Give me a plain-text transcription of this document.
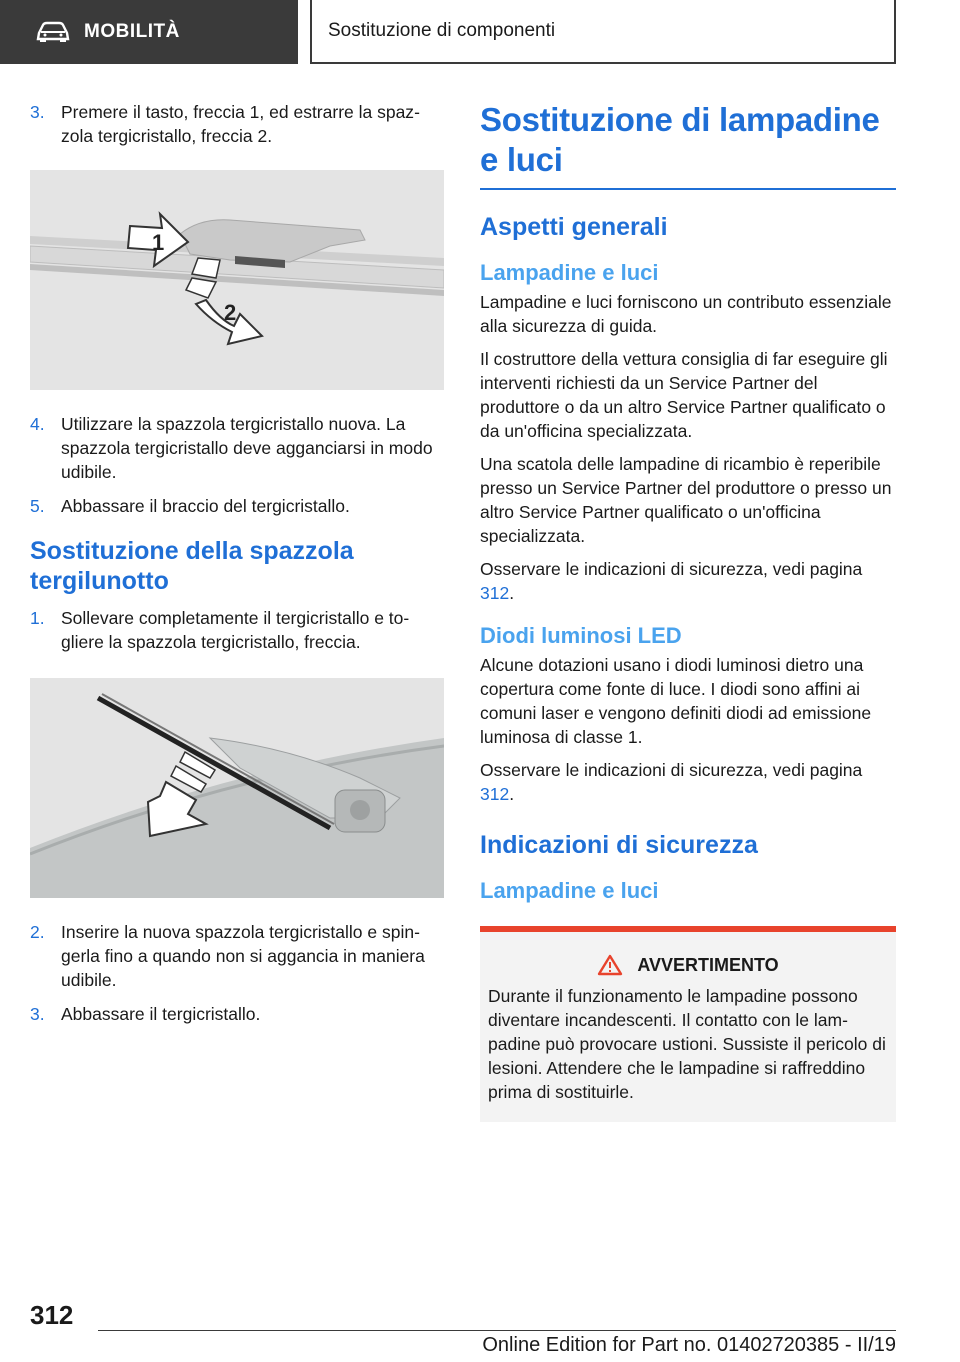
MOBILITÀ	Sostituzione di componenti
3. Premere il tasto, freccia 1, ed estrarre la spazzola tergicristallo, freccia 2.
1
2
4. Utilizzare la spazzola tergicristallo nuova. La spazzola tergicristallo deve agganciarsi in modo udibile.
5. Abbassare il braccio del tergicristallo.
Sostituzione della spazzola tergilunotto
1. Sollevare completamente il tergicristallo e togliere la spazzola tergicristallo, freccia.
2. Inserire la nuova spazzola tergicristallo e spingerla fino a quando non si aggancia in maniera udibile.
3. Abbassare il tergicristallo.
Sostituzione di lampadine e luci
Aspetti generali
Lampadine e luci

Lampadine e luci forniscono un contributo essenziale alla sicurezza di guida.

Il costruttore della vettura consiglia di far eseguire gli interventi richiesti da un Service Partner del produttore o da un altro Service Partner qualificato o da un'officina specializzata.

Una scatola delle lampadine di ricambio è reperibile presso un Service Partner del produttore o presso un altro Service Partner qualificato o un'officina specializzata.

Osservare le indicazioni di sicurezza, vedi pagina 312.

Diodi luminosi LED

Alcune dotazioni usano i diodi luminosi dietro una copertura come fonte di luce. I diodi sono affini ai comuni laser e vengono definiti diodi ad emissione luminosa di classe 1.

Osservare le indicazioni di sicurezza, vedi pagina 312.

Indicazioni di sicurezza
Lampadine e luci
AVVERTIMENTO

Durante il funzionamento le lampadine possono diventare incandescenti. Il contatto con le lampadine può provocare ustioni. Sussiste il pericolo di lesioni. Attendere che le lampadine si raffreddino prima di sostituirle.

312
Online Edition for Part no. 01402720385 - II/19
